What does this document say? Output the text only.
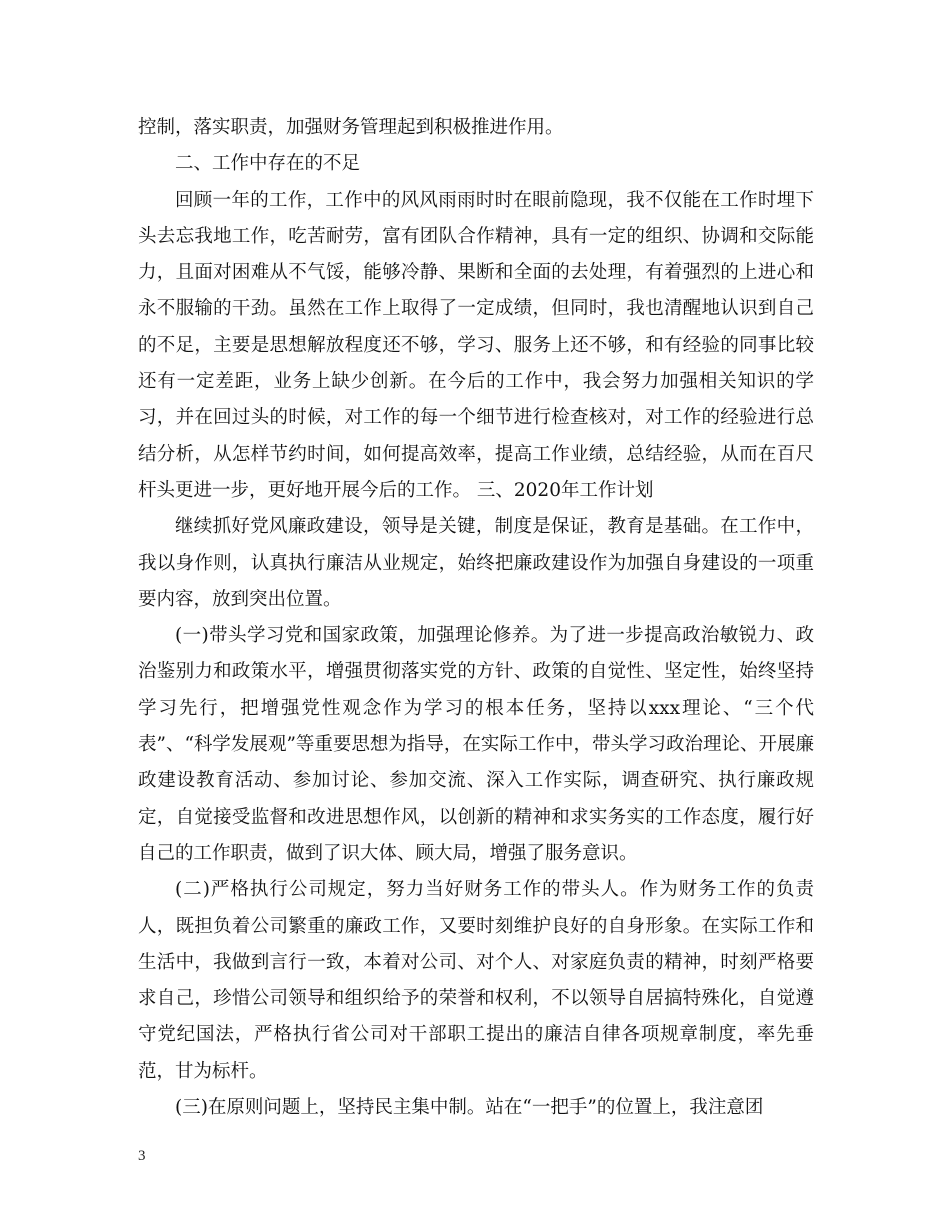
控制，落实职责，加强财务管理起到积极推进作用。

二、工作中存在的不足

回顾一年的工作，工作中的风风雨雨时时在眼前隐现，我不仅能在工作时埋下头去忘我地工作，吃苦耐劳，富有团队合作精神，具有一定的组织、协调和交际能力，且面对困难从不气馁，能够冷静、果断和全面的去处理，有着强烈的上进心和永不服输的干劲。虽然在工作上取得了一定成绩，但同时，我也清醒地认识到自己的不足，主要是思想解放程度还不够，学习、服务上还不够，和有经验的同事比较还有一定差距，业务上缺少创新。在今后的工作中，我会努力加强相关知识的学习，并在回过头的时候，对工作的每一个细节进行检查核对，对工作的经验进行总结分析，从怎样节约时间，如何提高效率，提高工作业绩，总结经验，从而在百尺杆头更进一步，更好地开展今后的工作。 三、2020年工作计划

继续抓好党风廉政建设，领导是关键，制度是保证，教育是基础。在工作中，我以身作则，认真执行廉洁从业规定，始终把廉政建设作为加强自身建设的一项重要内容，放到突出位置。

(一)带头学习党和国家政策，加强理论修养。为了进一步提高政治敏锐力、政治鉴别力和政策水平，增强贯彻落实党的方针、政策的自觉性、坚定性，始终坚持学习先行，把增强党性观念作为学习的根本任务，坚持以xxx理论、“三个代表”、“科学发展观”等重要思想为指导，在实际工作中，带头学习政治理论、开展廉政建设教育活动、参加讨论、参加交流、深入工作实际，调查研究、执行廉政规定，自觉接受监督和改进思想作风，以创新的精神和求实务实的工作态度，履行好自己的工作职责，做到了识大体、顾大局，增强了服务意识。

(二)严格执行公司规定，努力当好财务工作的带头人。作为财务工作的负责人，既担负着公司繁重的廉政工作，又要时刻维护良好的自身形象。在实际工作和生活中，我做到言行一致，本着对公司、对个人、对家庭负责的精神，时刻严格要求自己，珍惜公司领导和组织给予的荣誉和权利，不以领导自居搞特殊化，自觉遵守党纪国法，严格执行省公司对干部职工提出的廉洁自律各项规章制度，率先垂范，甘为标杆。

(三)在原则问题上，坚持民主集中制。站在“一把手”的位置上，我注意团

3
